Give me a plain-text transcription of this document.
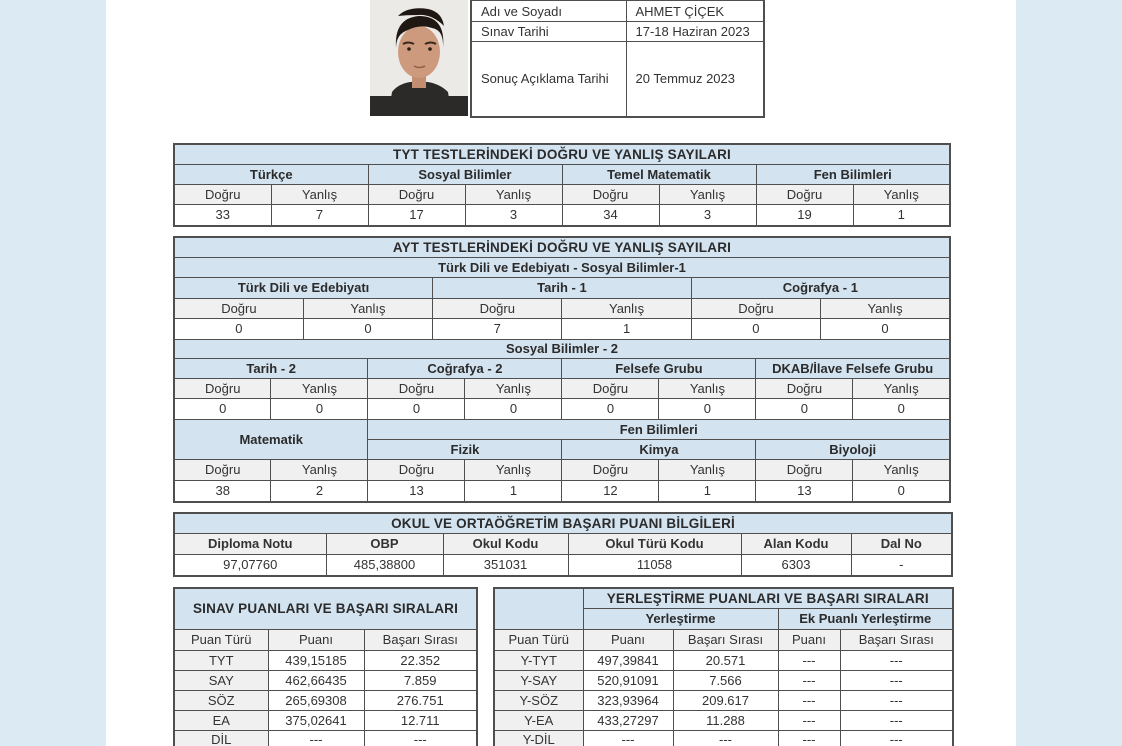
Adı ve Soyadı	AHMET ÇİÇEK
Sınav Tarihi	17-18 Haziran 2023
Sonuç Açıklama Tarihi	20 Temmuz 2023
TYT TESTLERİNDEKİ DOĞRU VE YANLIŞ SAYILARI							
Türkçe		Sosyal Bilimler		Temel Matematik		Fen Bilimleri	
Doğru	Yanlış	Doğru	Yanlış	Doğru	Yanlış	Doğru	Yanlış
33	7	17	3	34	3	19	1
AYT TESTLERİNDEKİ DOĞRU VE YANLIŞ SAYILARI											
Türk Dili ve Edebiyatı - Sosyal Bilimler-1											
Türk Dili ve Edebiyatı				Tarih - 1				Coğrafya - 1			
Doğru		Yanlış		Doğru		Yanlış		Doğru		Yanlış	
0		0		7		1		0		0	
Sosyal Bilimler - 2											
Tarih - 2			Coğrafya - 2			Felsefe Grubu			DKAB/İlave Felsefe Grubu		
Doğru	Yanlış		Doğru		Yanlış	Doğru	Yanlış		Doğru		Yanlış
0	0		0		0	0	0		0		0
Matematik			Fen Bilimleri								
			Fizik			Kimya			Biyoloji		
Doğru	Yanlış		Doğru		Yanlış	Doğru	Yanlış		Doğru		Yanlış
38	2		13		1	12	1		13		0
OKUL VE ORTAÖĞRETİM BAŞARI PUANI BİLGİLERİ					
Diploma Notu	OBP	Okul Kodu	Okul Türü Kodu	Alan Kodu	Dal No
97,07760	485,38800	351031	11058	6303	-
SINAV PUANLARI VE BAŞARI SIRALARI		
Puan Türü	Puanı	Başarı Sırası
TYT	439,15185	22.352
SAY	462,66435	7.859
SÖZ	265,69308	276.751
EA	375,02641	12.711
DİL	---	---
	YERLEŞTİRME PUANLARI VE BAŞARI SIRALARI			
	Yerleştirme		Ek Puanlı Yerleştirme	
Puan Türü	Puanı	Başarı Sırası	Puanı	Başarı Sırası
Y-TYT	497,39841	20.571	---	---
Y-SAY	520,91091	7.566	---	---
Y-SÖZ	323,93964	209.617	---	---
Y-EA	433,27297	11.288	---	---
Y-DİL	---	---	---	---
